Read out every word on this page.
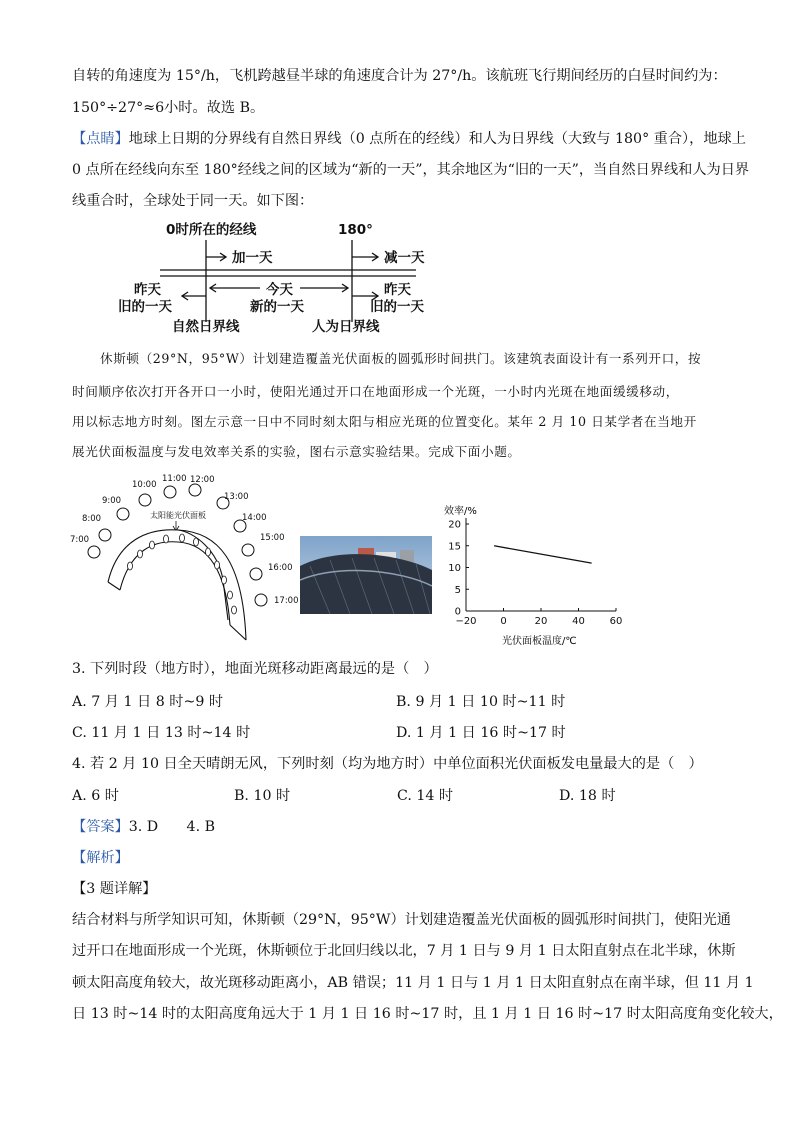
自转的角速度为 15°/h，飞机跨越昼半球的角速度合计为 27°/h。该航班飞行期间经历的白昼时间约为：
150°÷27°≈6小时。故选 B。
【点睛】地球上日期的分界线有自然日界线（0 点所在的经线）和人为日界线（大致与 180° 重合），地球上
0 点所在经线向东至 180°经线之间的区域为“新的一天”，其余地区为“旧的一天”，当自然日界线和人为日界
线重合时，全球处于同一天。如下图：
0时所在的经线	180°
加一天	减一天
昨天
旧的一天
今天
新的一天
昨天
旧的一天
自然日界线	人为日界线
休斯顿（29°N，95°W）计划建造覆盖光伏面板的圆弧形时间拱门。该建筑表面设计有一系列开口，按
时间顺序依次打开各开口一小时，使阳光通过开口在地面形成一个光斑，一小时内光斑在地面缓缓移动，
用以标志地方时刻。图左示意一日中不同时刻太阳与相应光斑的位置变化。某年 2 月 10 日某学者在当地开
展光伏面板温度与发电效率关系的实验，图右示意实验结果。完成下面小题。
7:00
8:00
9:00
10:00
11:00 12:00
13:00
14:00
15:00
16:00
17:00
太阳能光伏面板	效率/%
光伏面板温度/℃
−20 0	20 40 60
0
5
10
15
20
3. 下列时段（地方时），地面光斑移动距离最远的是（　）
A. 7 月 1 日 8 时~9 时	B. 9 月 1 日 10 时~11 时
C. 11 月 1 日 13 时~14 时	D. 1 月 1 日 16 时~17 时
4. 若 2 月 10 日全天晴朗无风，下列时刻（均为地方时）中单位面积光伏面板发电量最大的是（　）
A. 6 时	B. 10 时	C. 14 时	D. 18 时
【答案】3. D　　4. B
【解析】
【3 题详解】
结合材料与所学知识可知，休斯顿（29°N，95°W）计划建造覆盖光伏面板的圆弧形时间拱门，使阳光通
过开口在地面形成一个光斑，休斯顿位于北回归线以北，7 月 1 日与 9 月 1 日太阳直射点在北半球，休斯
顿太阳高度角较大，故光斑移动距离小，AB 错误；11 月 1 日与 1 月 1 日太阳直射点在南半球，但 11 月 1
日 13 时~14 时的太阳高度角远大于 1 月 1 日 16 时~17 时，且 1 月 1 日 16 时~17 时太阳高度角变化较大，
